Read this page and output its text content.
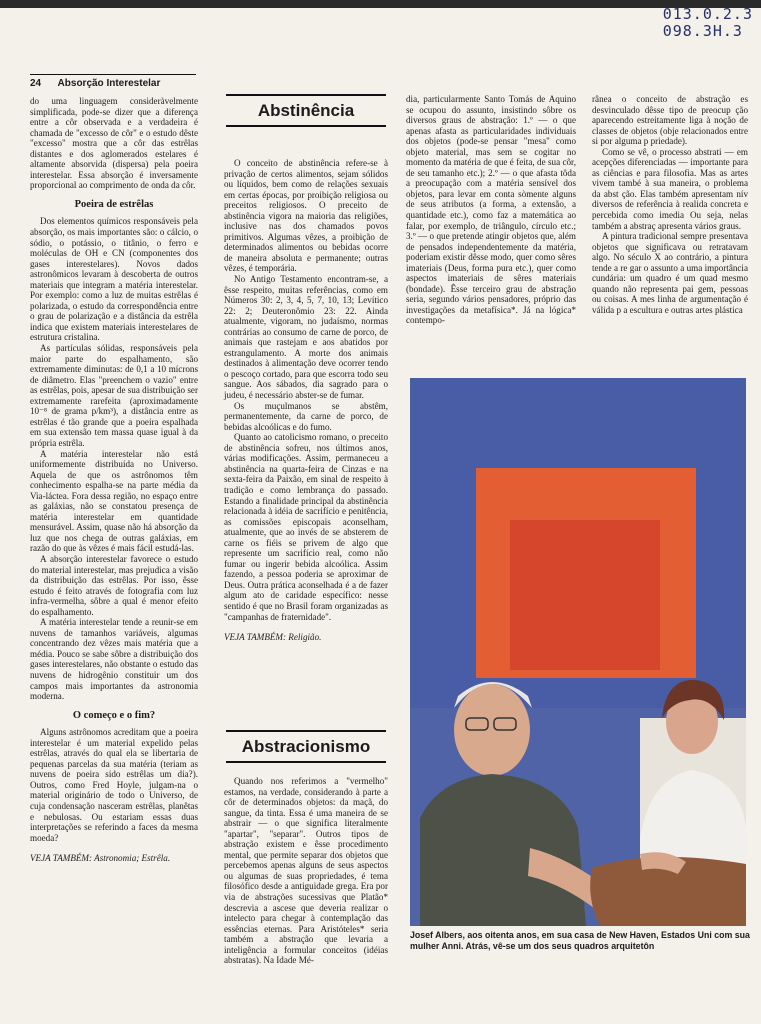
013.0.2.3
098.3H.3
24 Absorção Interestelar

do uma linguagem consideràvelmente simplificada, pode-se dizer que a diferença entre a côr observada e a verdadeira é chamada de "excesso de côr" e o estudo dêste "excesso" mostra que a côr das estrêlas distantes e dos aglomerados estelares é altamente absorvida (dispersa) pela poeira interestelar. Essa absorção é inversamente proporcional ao comprimento de onda da côr.

Poeira de estrêlas

Dos elementos químicos responsáveis pela absorção, os mais importantes são: o cálcio, o sódio, o potássio, o titânio, o ferro e moléculas de OH e CN (componentes dos gases interestelares). Novos dados astronômicos levaram à descoberta de outros materiais que integram a matéria interestelar. Por exemplo: como a luz de muitas estrêlas é polarizada, o estudo da correspondência entre o grau de polarização e a distância da estrêla indica que existem materiais interestelares de estrutura cristalina.

As partículas sólidas, responsáveis pela maior parte do espalhamento, são extremamente diminutas: de 0,1 a 10 mícrons de diâmetro. Elas "preenchem o vazio" entre as estrêlas, pois, apesar de sua distribuição ser extremamente rarefeita (aproximadamente 10⁻⁸ de grama p/km³), a distância entre as estrêlas é tão grande que a poeira espalhada em sua extensão tem massa quase igual à da própria estrêla.

A matéria interestelar não está uniformemente distribuída no Universo. Aquela de que os astrônomos têm conhecimento espalha-se na parte média da Via-láctea. Fora dessa região, no espaço entre as galáxias, não se constatou presença de matéria interestelar em quantidade mensurável. Assim, quase não há absorção da luz que nos chega de outras galáxias, em razão do que às vêzes é mais fácil estudá-las.

A absorção interestelar favorece o estudo do material interestelar, mas prejudica a visão da distribuição das estrêlas. Por isso, êsse estudo é feito através de fotografia com luz infra-vermelha, sôbre a qual é menor efeito do espalhamento.

A matéria interestelar tende a reunir-se em nuvens de tamanhos variáveis, algumas concentrando dez vêzes mais matéria que a média. Pouco se sabe sôbre a distribuição dos gases interestelares, não obstante o estudo das nuvens de hidrogênio constituir um dos campos mais importantes da astronomia moderna.

O começo e o fim?

Alguns astrônomos acreditam que a poeira interestelar é um material expelido pelas estrêlas, através do qual ela se libertaria de pequenas parcelas da sua matéria (teriam as nuvens de poeira sido estrêlas um dia?). Outros, como Fred Hoyle, julgam-na o material originário de todo o Universo, de cuja condensação nasceram estrêlas, planêtas e nebulosas. Ou estariam essas duas interpretações se referindo a faces da mesma moeda?

VEJA TAMBÉM: Astronomia; Estrêla.

Abstinência

O conceito de abstinência refere-se à privação de certos alimentos, sejam sólidos ou líquidos, bem como de relações sexuais em certas épocas, por proibição religiosa ou preceitos religiosos. O preceito de abstinência vigora na maioria das religiões, inclusive nas dos chamados povos primitivos. Algumas vêzes, a proibição de determinados alimentos ou bebidas ocorre de maneira absoluta e permanente; outras vêzes, é temporária.

No Antigo Testamento encontram-se, a êsse respeito, muitas referências, como em Números 30: 2, 3, 4, 5, 7, 10, 13; Levítico 22: 2; Deuteronômio 23: 22. Ainda atualmente, vigoram, no judaísmo, normas contrárias ao consumo de carne de porco, de animais que rastejam e aos abatidos por estrangulamento. A morte dos animais destinados à alimentação deve ocorrer tendo o pescoço cortado, para que escorra todo seu sangue. Aos sábados, dia sagrado para o judeu, é necessário abster-se de fumar.

Os muçulmanos se abstêm, permanentemente, da carne de porco, de bebidas alcoólicas e do fumo.

Quanto ao catolicismo romano, o preceito de abstinência sofreu, nos últimos anos, várias modificações. Assim, permaneceu a abstinência na quarta-feira de Cinzas e na sexta-feira da Paixão, em sinal de respeito à tradição e como lembrança do passado. Estando a finalidade principal da abstinência relacionada à idéia de sacrifício e penitência, as comissões episcopais aconselham, atualmente, que ao invés de se absterem de carne os fiéis se privem de algo que represente um sacrifício real, como não fumar ou ingerir bebida alcoólica. Assim fazendo, a pessoa poderia se aproximar de Deus. Outra prática aconselhada é a de fazer algum ato de caridade específico: nesse sentido é que no Brasil foram organizadas as "campanhas de fraternidade".

VEJA TAMBÉM: Religião.

Abstracionismo

Quando nos referimos a "vermelho" estamos, na verdade, considerando à parte a côr de determinados objetos: da maçã, do sangue, da tinta. Essa é uma maneira de se abstrair — o que significa literalmente "apartar", "separar". Outros tipos de abstração existem e êsse procedimento mental, que permite separar dos objetos que percebemos apenas alguns de seus aspectos ou algumas de suas propriedades, é tema filosófico desde a antiguidade grega. Era por via de abstrações sucessivas que Platão* descrevia a ascese que deveria realizar o intelecto para chegar à contemplação das essências eternas. Para Aristóteles* seria também a abstração que levaria a inteligência a formular conceitos (idéias abstratas). Na Idade Mé-

dia, particularmente Santo Tomás de Aquino se ocupou do assunto, insistindo sôbre os diversos graus de abstração: 1.º — o que apenas afasta as particularidades individuais dos objetos (pode-se pensar "mesa" como objeto material, mas sem se cogitar no momento da matéria de que é feita, de sua côr, de seu tamanho etc.); 2.º — o que afasta tôda a preocupação com a matéria sensível dos objetos, para levar em conta sòmente alguns de seus atributos (a forma, a extensão, a quantidade etc.), como faz a matemática ao falar, por exemplo, de triângulo, círculo etc.; 3.º — o que pretende atingir objetos que, além de pensados independentemente da matéria, poderiam existir dêsse modo, quer como sêres imateriais (Deus, forma pura etc.), quer como aspectos imateriais de sêres materiais (bondade). Êsse terceiro grau de abstração seria, segundo vários pensadores, próprio das investigações da metafísica*. Já na lógica* contempo-

rânea o conceito de abstração es desvinculado dêsse tipo de preocup ção aparecendo estreitamente liga à noção de classes de objetos (obje relacionados entre si por alguma p priedade).

Como se vê, o processo abstrati — em acepções diferenciadas — importante para as ciências e para filosofia. Mas as artes vivem també à sua maneira, o problema da abst ção. Elas também apresentam nív diversos de referência à realida concreta e percebida como imedia Ou seja, nelas também a abstraç apresenta vários graus.

A pintura tradicional sempre presentava objetos que significava ou retratavam algo. No século X ao contrário, a pintura tende a re gar o assunto a uma importância cundária: um quadro é um quad mesmo quando não representa pai gem, pessoas ou coisas. A mes linha de argumentação é válida p a escultura e outras artes plástica

Josef Albers, aos oitenta anos, em sua casa de New Haven, Estados Uni com sua mulher Anni. Atrás, vê-se um dos seus quadros arquitetôn
